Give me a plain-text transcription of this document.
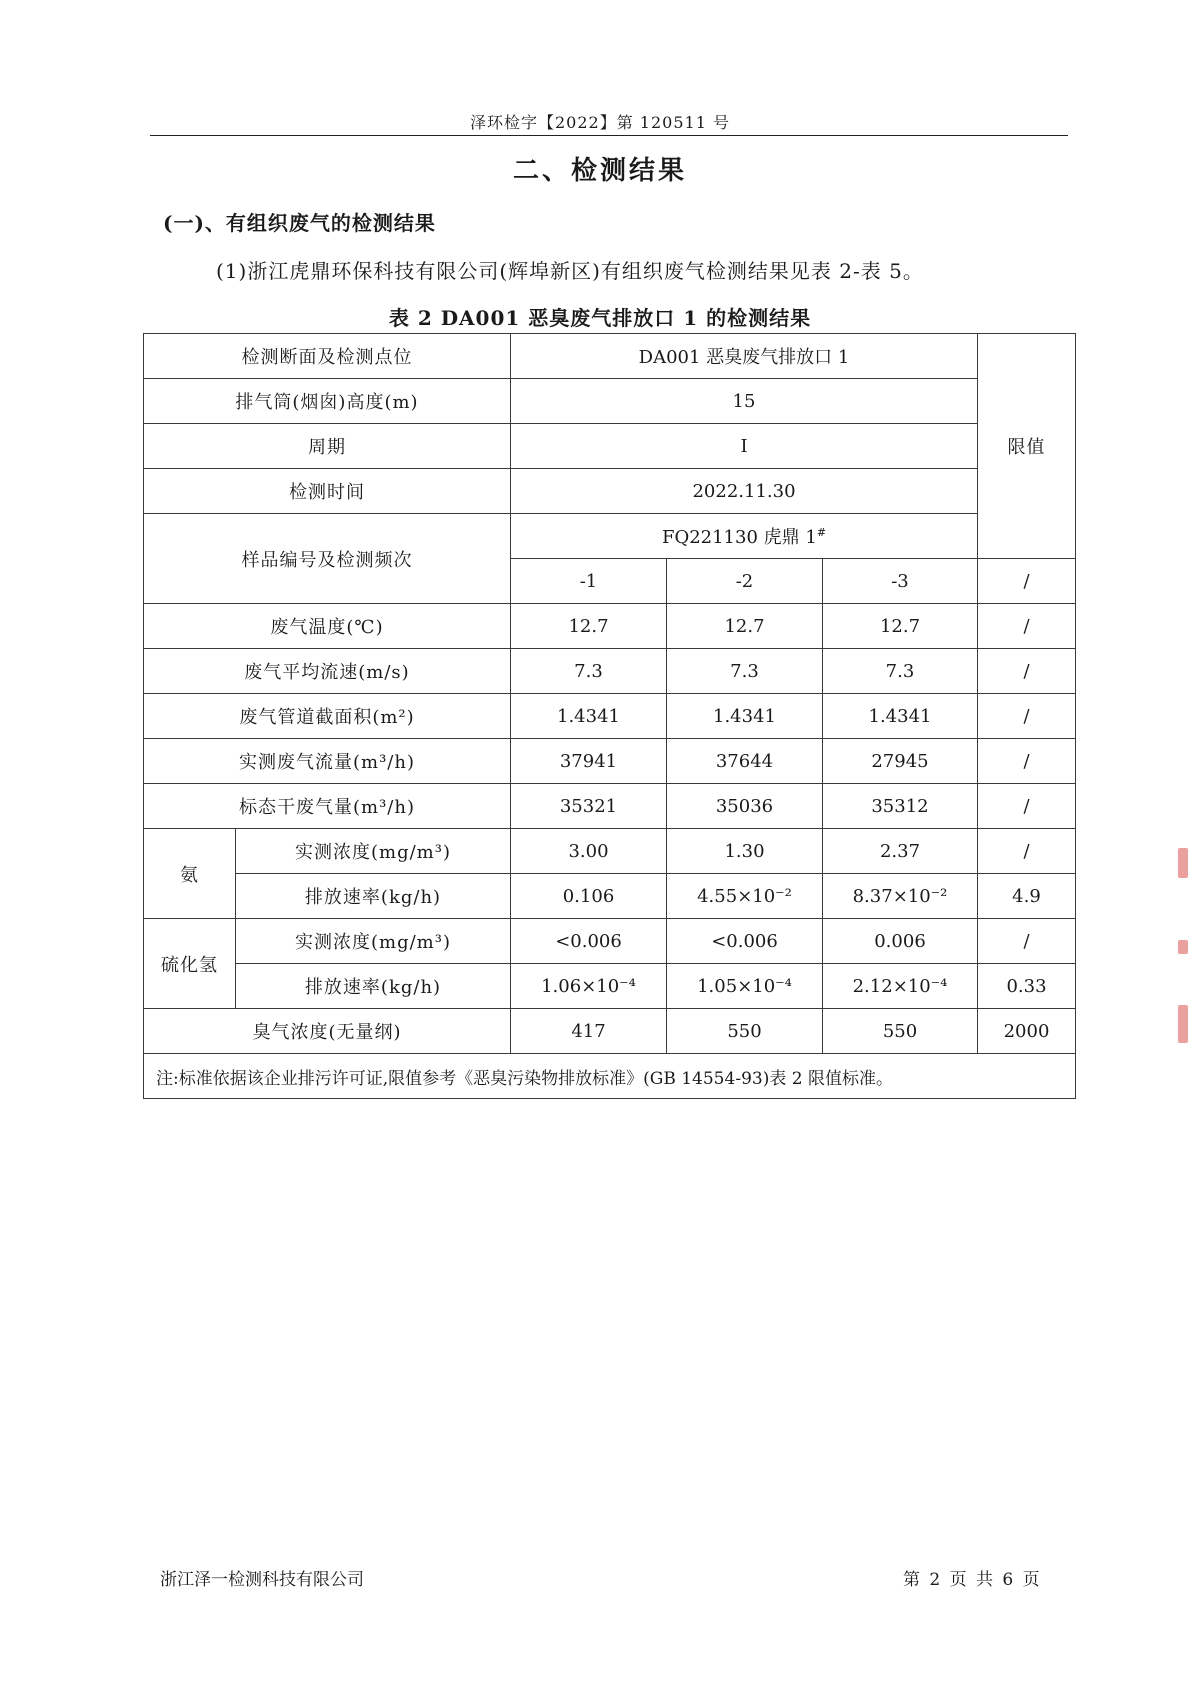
泽环检字【2022】第 120511 号
二、检测结果
(一)、有组织废气的检测结果
(1)浙江虎鼎环保科技有限公司(辉埠新区)有组织废气检测结果见表 2-表 5。
表 2 DA001 恶臭废气排放口 1 的检测结果
检测断面及检测点位		DA001 恶臭废气排放口 1			限值
排气筒(烟囱)高度(m)		15			
周期		I			
检测时间		2022.11.30			
样品编号及检测频次		FQ221130 虎鼎 1#
		-1	-2	-3	/
废气温度(℃)		12.7	12.7	12.7	/
废气平均流速(m/s)		7.3	7.3	7.3	/
废气管道截面积(m²)		1.4341	1.4341	1.4341	/
实测废气流量(m³/h)		37941	37644	27945	/
标态干废气量(m³/h)		35321	35036	35312	/
氨	实测浓度(mg/m³)	3.00	1.30	2.37	/
	排放速率(kg/h)	0.106	4.55×10⁻²	8.37×10⁻²	4.9
硫化氢	实测浓度(mg/m³)	<0.006	<0.006	0.006	/
	排放速率(kg/h)	1.06×10⁻⁴	1.05×10⁻⁴	2.12×10⁻⁴	0.33
臭气浓度(无量纲)		417	550	550	2000
注:标准依据该企业排污许可证,限值参考《恶臭污染物排放标准》(GB 14554-93)表 2 限值标准。					
浙江泽一检测科技有限公司	第 2 页 共 6 页
